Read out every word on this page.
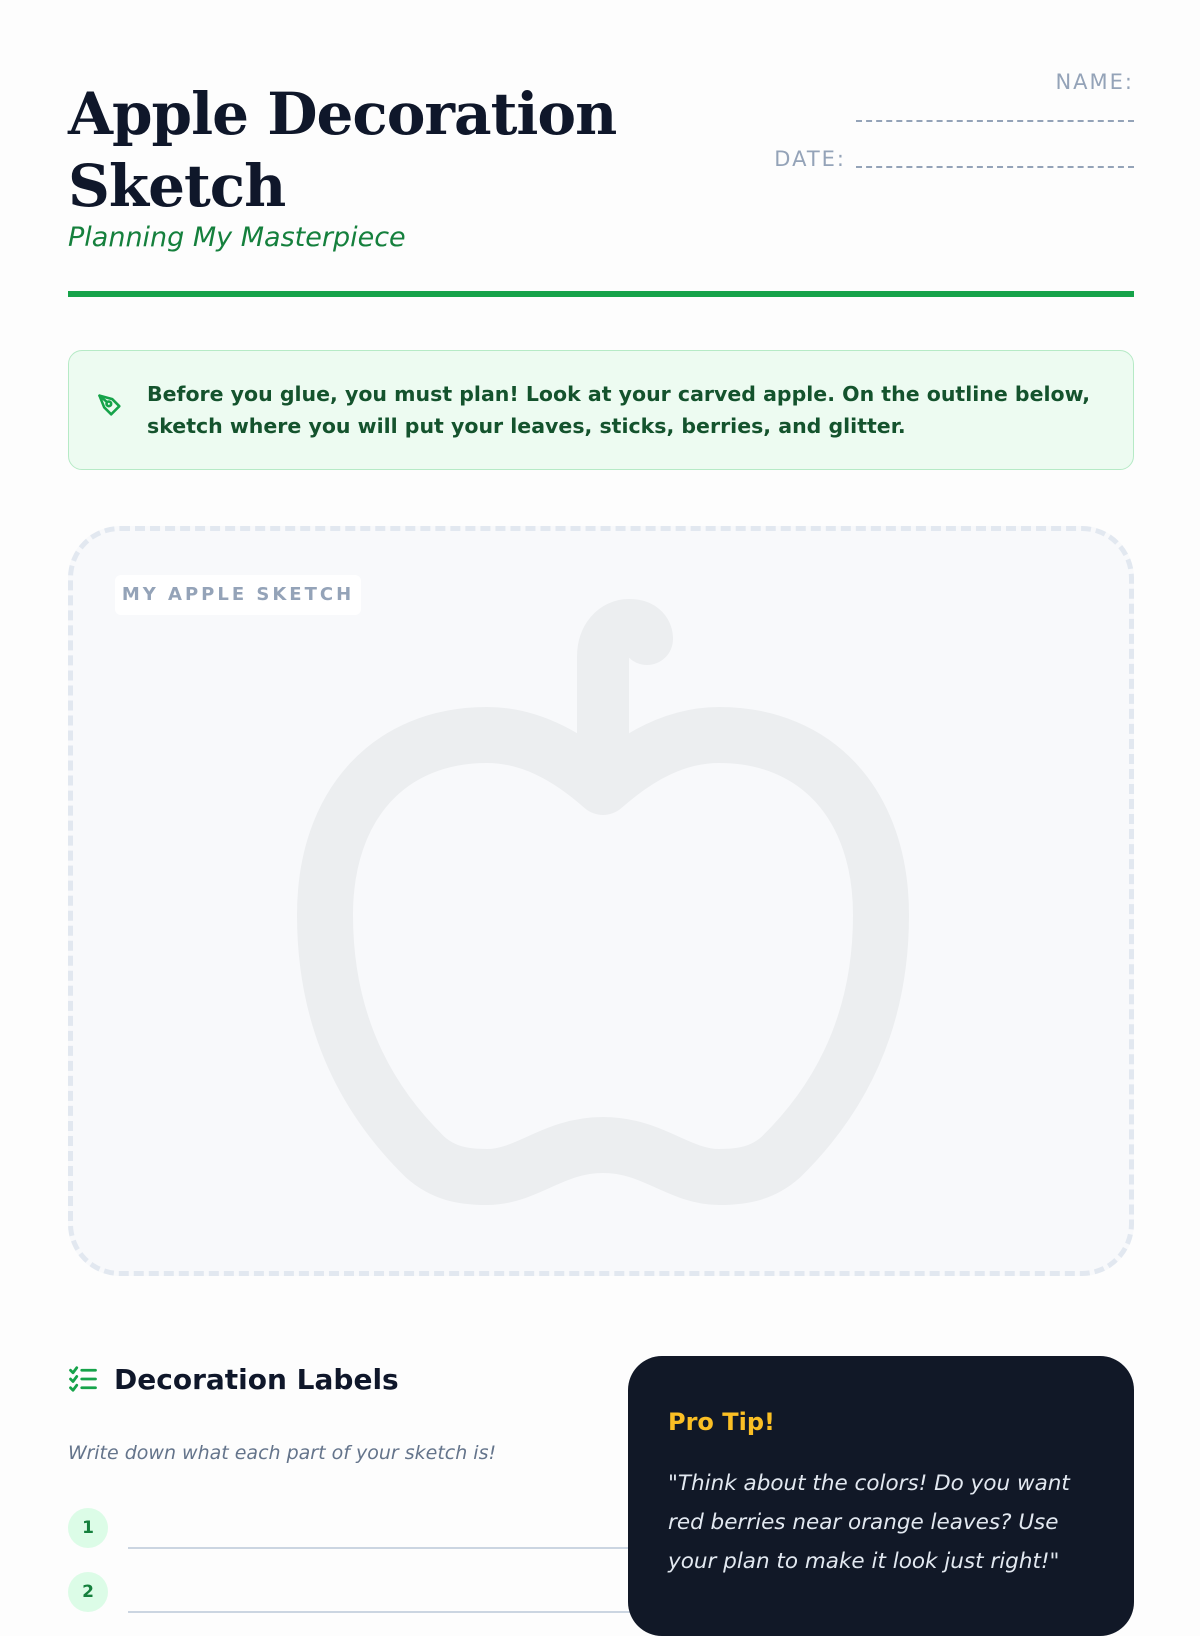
Apple Decoration Sketch

Planning My Masterpiece

NAME:
DATE:

Before you glue, you must plan! Look at your carved apple. On the outline below, sketch where you will put your leaves, sticks, berries, and glitter.

MY APPLE SKETCH
Decoration Labels

Write down what each part of your sketch is!

1
2
Pro Tip!

"Think about the colors! Do you want red berries near orange leaves? Use your plan to make it look just right!"
